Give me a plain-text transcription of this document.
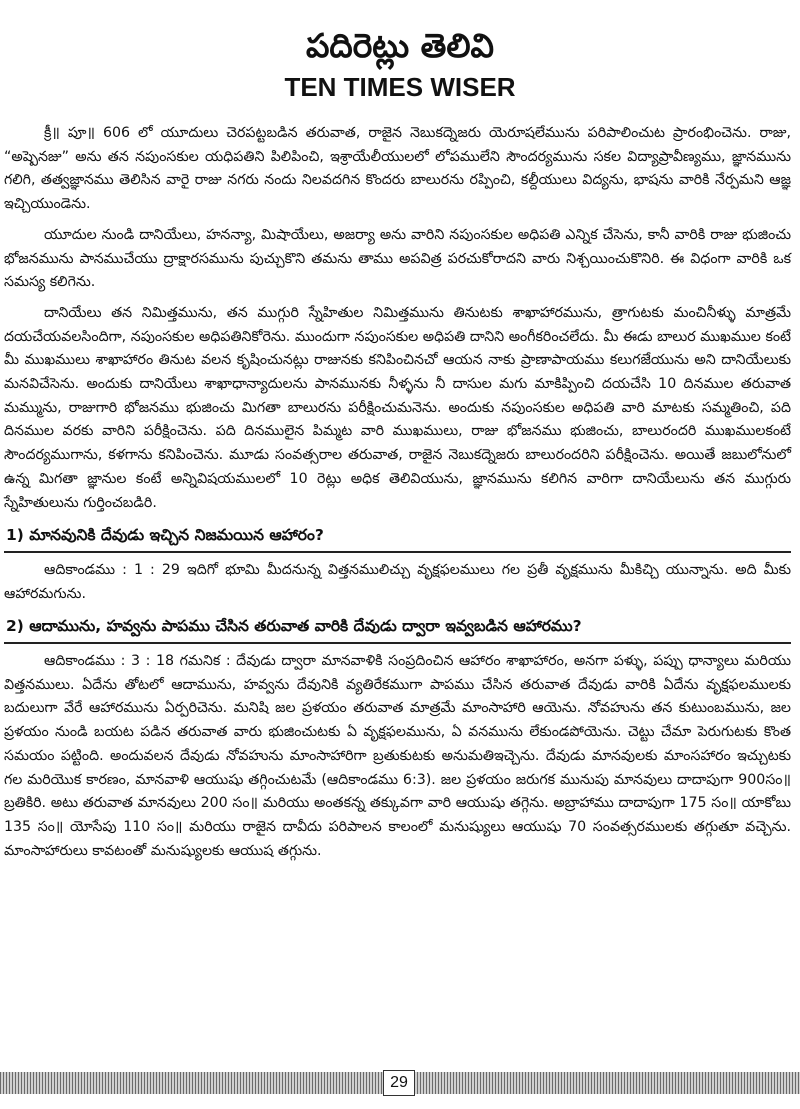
పదిరెట్లు తెలివి
TEN TIMES WISER

క్రీ॥ పూ॥ 606 లో యూదులు చెరపట్టబడిన తరువాత, రాజైన నెబుకద్నెజరు యెరూషలేమును పరిపాలించుట ప్రారంభించెను. రాజు, “అష్పెనజు” అను తన నపుంసకుల యధిపతిని పిలిపించి, ఇశ్రాయేలీయులలో లోపములేని సౌందర్యమును సకల విద్యాప్రావీణ్యము, జ్ఞానమును గలిగి, తత్వజ్ఞానము తెలిసిన వారై రాజు నగరు నందు నిలవదగిన కొందరు బాలురను రప్పించి, కల్దీయులు విద్యను, భాషను వారికి నేర్పమని ఆజ్ఞ ఇచ్చియుండెను.

యూదుల నుండి దానియేలు, హనన్యా, మిషాయేలు, అజర్యా అను వారిని నపుంసకుల అధిపతి ఎన్నిక చేసెను, కానీ వారికి రాజు భుజించు భోజనమును పానముచేయు ద్రాక్షారసమును పుచ్చుకొని తమను తాము అపవిత్ర పరచుకోరాదని వారు నిశ్చయించుకొనిరి. ఈ విధంగా వారికి ఒక సమస్య కలిగెను.

దానియేలు తన నిమిత్తమును, తన ముగ్గురి స్నేహితుల నిమిత్తమును తినుటకు శాఖాహారమును, త్రాగుటకు మంచినీళ్ళు మాత్రమే దయచేయవలసిందిగా, నపుంసకుల అధిపతినికోరెను. ముందుగా నపుంసకుల అధిపతి దానిని అంగీకరించలేదు. మీ ఈడు బాలుర ముఖముల కంటే మీ ముఖములు శాఖాహారం తినుట వలన కృషించునట్లు రాజునకు కనిపించినచో ఆయన నాకు ప్రాణాపాయము కలుగజేయును అని దానియేలుకు మనవిచేసెను. అందుకు దానియేలు శాఖాధాన్యాదులను పానమునకు నీళ్ళను నీ దాసుల మగు మాకిప్పించి దయచేసి 10 దినముల తరువాత మమ్మును, రాజుగారి భోజనము భుజించు మిగతా బాలురను పరీక్షించుమనెను. అందుకు నపుంసకుల అధిపతి వారి మాటకు సమ్మతించి, పది దినముల వరకు వారిని పరీక్షించెను. పది దినములైన పిమ్మట వారి ముఖములు, రాజు భోజనము భుజించు, బాలురందరి ముఖములకంటే సౌందర్యముగాను, కళగాను కనిపించెను. మూడు సంవత్సరాల తరువాత, రాజైన నెబుకద్నెజరు బాలురందరిని పరీక్షించెను. అయితే జబులోనులో ఉన్న మిగతా జ్ఞానుల కంటే అన్నివిషయములలో 10 రెట్లు అధిక తెలివియును, జ్ఞానమును కలిగిన వారిగా దానియేలును తన ముగ్గురు స్నేహితులును గుర్తించబడిరి.

1) మానవునికి దేవుడు ఇచ్చిన నిజమయిన ఆహారం?

ఆదికాండము : 1 : 29 ఇదిగో భూమి మీదనున్న విత్తనములిచ్చు వృక్షఫలములు గల ప్రతీ వృక్షమును మీకిచ్చి యున్నాను. అది మీకు ఆహారమగును.

2) ఆదామును, హవ్వను పాపము చేసిన తరువాత వారికి దేవుడు ద్వారా ఇవ్వబడిన ఆహారము?

ఆదికాండము : 3 : 18 గమనిక : దేవుడు ద్వారా మానవాళికి సంప్రదించిన ఆహారం శాఖాహారం, అనగా పళ్ళు, పప్పు ధాన్యాలు మరియు విత్తనములు. ఏదేను తోటలో ఆదామును, హవ్వను దేవునికి వ్యతిరేకముగా పాపము చేసిన తరువాత దేవుడు వారికి ఏదేను వృక్షఫలములకు బదులుగా వేరే ఆహారమును ఏర్పరిచెను. మనిషి జల ప్రళయం తరువాత మాత్రమే మాంసాహారి ఆయెను. నోవహును తన కుటుంబమును, జల ప్రళయం నుండి బయట పడిన తరువాత వారు భుజించుటకు ఏ వృక్షఫలమును, ఏ వనమును లేకుండపోయెను. చెట్టు చేమా పెరుగుటకు కొంత సమయం పట్టింది. అందువలన దేవుడు నోవహును మాంసాహారిగా బ్రతుకుటకు అనుమతిఇచ్చెను. దేవుడు మానవులకు మాంసహారం ఇచ్చుటకు గల మరియొక కారణం, మానవాళి ఆయుషు తగ్గించుటమే (ఆదికాండము 6:3). జల ప్రళయం జరుగక మునుపు మానవులు దాదాపుగా 900సం॥ బ్రతికిరి. అటు తరువాత మానవులు 200 సం॥ మరియు అంతకన్న తక్కువగా వారి ఆయుషు తగ్గెను. అబ్రాహాము దాదాపుగా 175 సం॥ యాకోబు 135 సం॥ యోసేపు 110 సం॥ మరియు రాజైన దావీదు పరిపాలన కాలంలో మనుష్యులు ఆయుషు 70 సంవత్సరములకు తగ్గుతూ వచ్చెను. మాంసాహారులు కావటంతో మనుష్యులకు ఆయుష తగ్గును.

29
